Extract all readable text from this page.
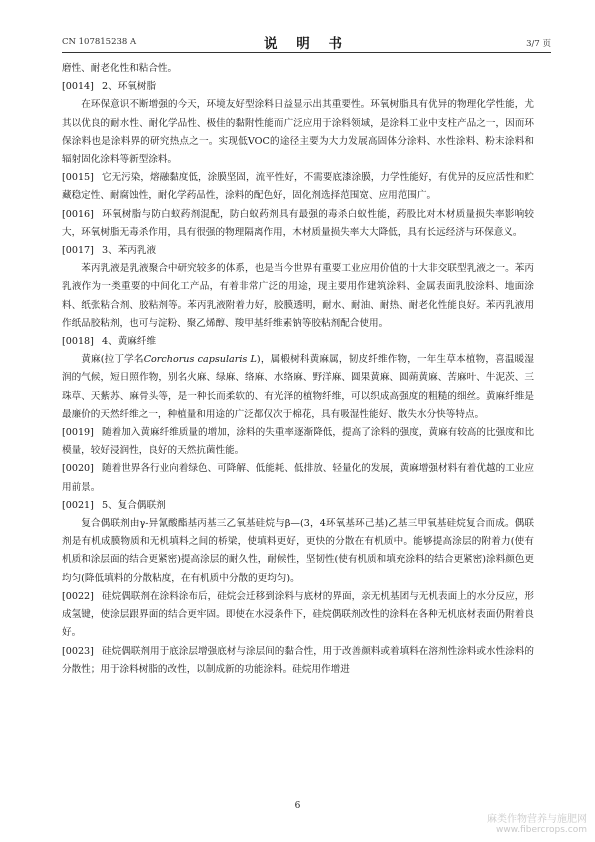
CN 107815238 A	说 明 书	3/7 页

磨性、耐老化性和粘合性。

[0014] 2、环氧树脂

在环保意识不断增强的今天，环境友好型涂料日益显示出其重要性。环氧树脂具有优异的物理化学性能，尤其以优良的耐水性、耐化学品性、极佳的黏附性能而广泛应用于涂料领域，是涂料工业中支柱产品之一，因而环保涂料也是涂料界的研究热点之一。实现低VOC的途径主要为大力发展高固体分涂料、水性涂料、粉末涂料和辐射固化涂料等新型涂料。

[0015] 它无污染，熔融黏度低，涂膜坚固，流平性好，不需要底漆涂膜，力学性能好，有优异的反应活性和贮藏稳定性、耐腐蚀性，耐化学药品性，涂料的配色好，固化剂选择范围宽、应用范围广。

[0016] 环氧树脂与防白蚁药剂混配，防白蚁药剂具有最强的毒杀白蚁性能，药股比对木材质量损失率影响较大，环氧树脂无毒杀作用，具有很强的物理隔离作用，木材质量损失率大大降低，具有长远经济与环保意义。

[0017] 3、苯丙乳液

苯丙乳液是乳液聚合中研究较多的体系，也是当今世界有重要工业应用价值的十大非交联型乳液之一。苯丙乳液作为一类重要的中间化工产品，有着非常广泛的用途，现主要用作建筑涂料、金属表面乳胶涂料、地面涂料、纸张粘合剂、胶粘剂等。苯丙乳液附着力好，胶膜透明，耐水、耐油、耐热、耐老化性能良好。苯丙乳液用作纸品胶粘剂，也可与淀粉、聚乙烯醇、羧甲基纤维素钠等胶粘剂配合使用。

[0018] 4、黄麻纤维

黄麻(拉丁学名Corchorus capsularis L)，属椴树科黄麻属，韧皮纤维作物，一年生草本植物，喜温暖湿润的气候，短日照作物，别名火麻、绿麻、络麻、水络麻、野洋麻、圆果黄麻、圆蒴黄麻、苦麻叶、牛泥茨、三珠草、天紫苏、麻骨头等，是一种长而柔软的、有光泽的植物纤维，可以织成高强度的粗糙的细丝。黄麻纤维是最廉价的天然纤维之一，种植量和用途的广泛都仅次于棉花，具有吸湿性能好、散失水分快等特点。

[0019] 随着加入黄麻纤维质量的增加，涂料的失重率逐渐降低，提高了涂料的强度，黄麻有较高的比强度和比模量，较好浸润性，良好的天然抗菌性能。

[0020] 随着世界各行业向着绿色、可降解、低能耗、低排放、轻量化的发展，黄麻增强材料有着优越的工业应用前景。

[0021] 5、复合偶联剂

复合偶联剂由γ-异氰酸酯基丙基三乙氧基硅烷与β—(3，4环氧基环己基)乙基三甲氧基硅烷复合而成。偶联剂是有机成膜物质和无机填料之间的桥梁，使填料更好，更快的分散在有机质中。能够提高涂层的附着力(使有机质和涂层面的结合更紧密)提高涂层的耐久性，耐候性，坚韧性(使有机质和填充涂料的结合更紧密)涂料颜色更均匀(降低填料的分散粘度，在有机质中分散的更均匀)。

[0022] 硅烷偶联剂在涂料涂布后，硅烷会迁移到涂料与底材的界面，亲无机基团与无机表面上的水分反应，形成氢键，使涂层跟界面的结合更牢固。即使在水浸条件下，硅烷偶联剂改性的涂料在各种无机底材表面仍附着良好。

[0023] 硅烷偶联剂用于底涂层增强底材与涂层间的黏合性，用于改善颜料或着填料在溶剂性涂料或水性涂料的分散性；用于涂料树脂的改性，以制成新的功能涂料。硅烷用作增进

6
麻类作物营养与施肥网
www.fibercrops.com
